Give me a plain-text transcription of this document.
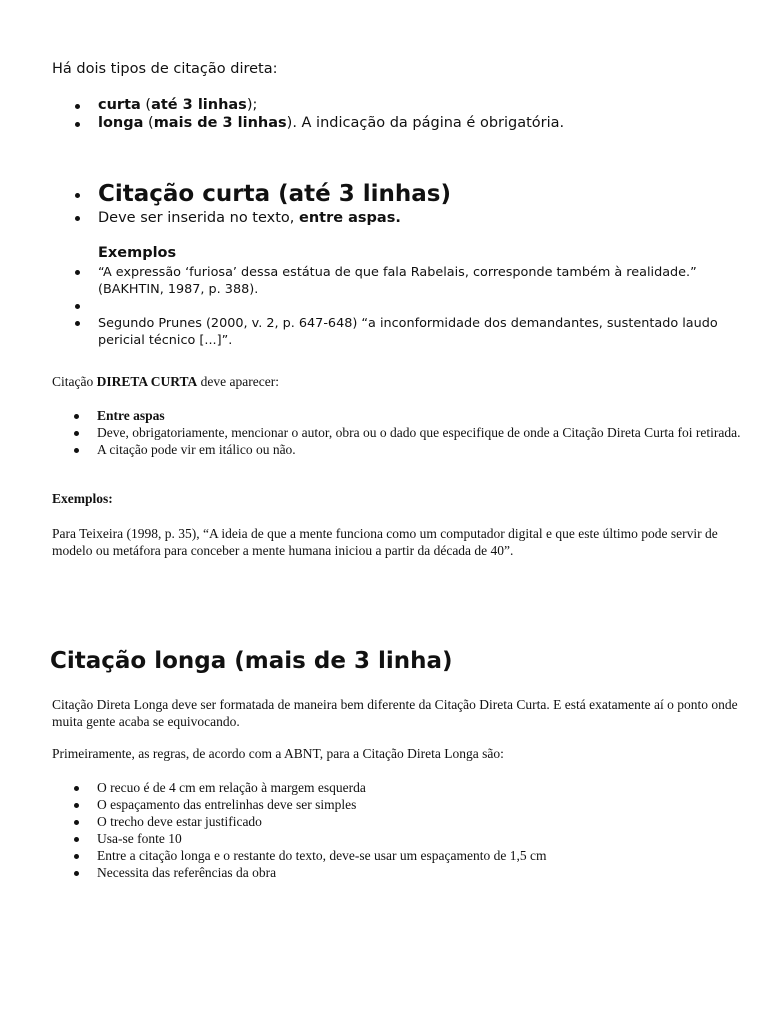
Há dois tipos de citação direta:
curta (até 3 linhas);
longa (mais de 3 linhas). A indicação da página é obrigatória.
Citação curta (até 3 linhas)
Deve ser inserida no texto, entre aspas.
Exemplos
“A expressão ‘furiosa’ dessa estátua de que fala Rabelais, corresponde também à realidade.” (BAKHTIN, 1987, p. 388).
Segundo Prunes (2000, v. 2, p. 647-648) “a inconformidade dos demandantes, sustentado laudo pericial técnico [...]”.
Citação DIRETA CURTA deve aparecer:
Entre aspas
Deve, obrigatoriamente, mencionar o autor, obra ou o dado que especifique de onde a Citação Direta Curta foi retirada.
A citação pode vir em itálico ou não.
Exemplos:
Para Teixeira (1998, p. 35), “A ideia de que a mente funciona como um computador digital e que este último pode servir de modelo ou metáfora para conceber a mente humana iniciou a partir da década de 40”.
Citação longa (mais de 3 linha)
Citação Direta Longa deve ser formatada de maneira bem diferente da Citação Direta Curta. E está exatamente aí o ponto onde muita gente acaba se equivocando.
Primeiramente, as regras, de acordo com a ABNT, para a Citação Direta Longa são:
O recuo é de 4 cm em relação à margem esquerda
O espaçamento das entrelinhas deve ser simples
O trecho deve estar justificado
Usa-se fonte 10
Entre a citação longa e o restante do texto, deve-se usar um espaçamento de 1,5 cm
Necessita das referências da obra
